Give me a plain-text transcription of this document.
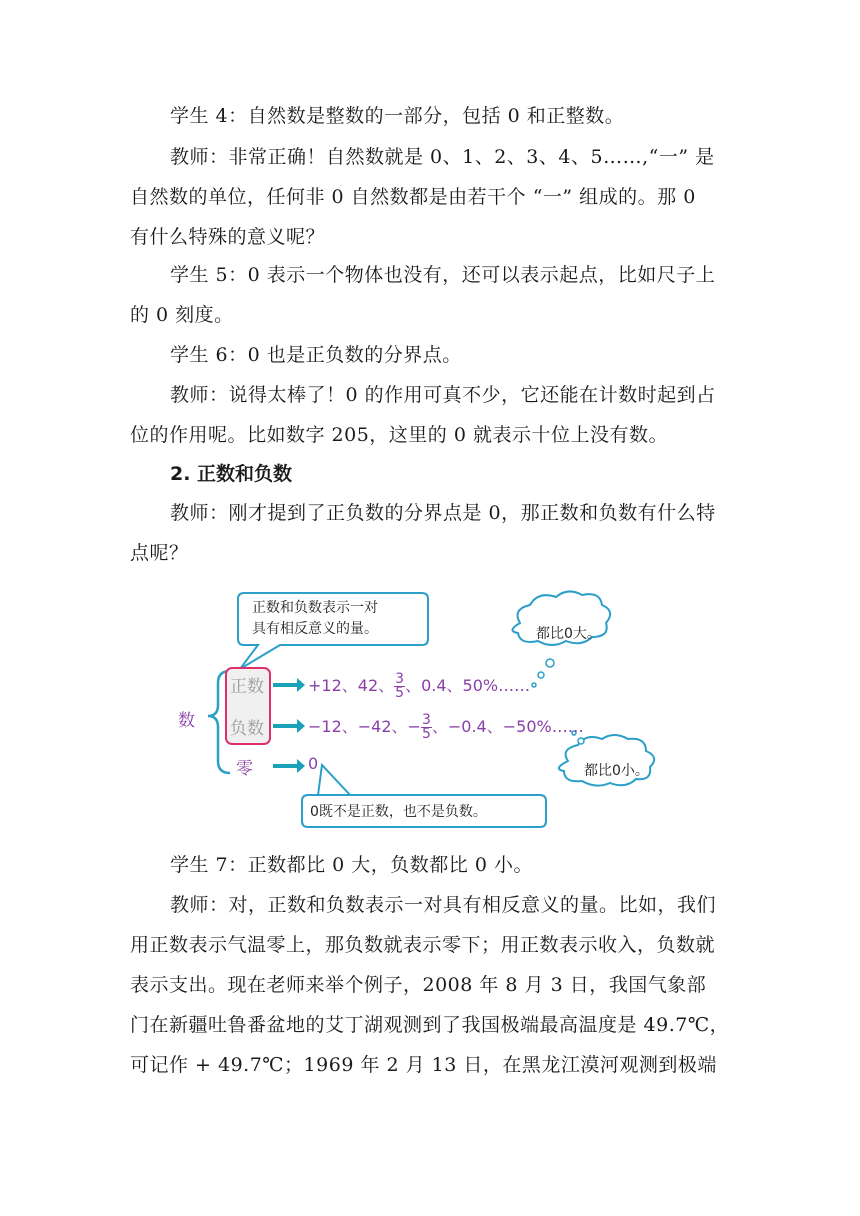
学生 4：自然数是整数的一部分，包括 0 和正整数。
教师：非常正确！自然数就是 0、1、2、3、4、5……,“一” 是
自然数的单位，任何非 0 自然数都是由若干个 “一” 组成的。那 0
有什么特殊的意义呢？
学生 5：0 表示一个物体也没有，还可以表示起点，比如尺子上
的 0 刻度。
学生 6：0 也是正负数的分界点。
教师：说得太棒了！0 的作用可真不少，它还能在计数时起到占
位的作用呢。比如数字 205，这里的 0 就表示十位上没有数。
2. 正数和负数
教师：刚才提到了正负数的分界点是 0，那正数和负数有什么特
点呢？
正数和负数表示一对
具有相反意义的量。	都比0大。
数
正数
负数
零
+12、42、 $\frac{3}{5}$ 、0.4、50%……
−12、−42、− $\frac{3}{5}$ 、−0.4、−50%……
0
0既不是正数，也不是负数。
都比0小。
学生 7：正数都比 0 大，负数都比 0 小。
教师：对，正数和负数表示一对具有相反意义的量。比如，我们
用正数表示气温零上，那负数就表示零下；用正数表示收入，负数就
表示支出。现在老师来举个例子，2008 年 8 月 3 日，我国气象部
门在新疆吐鲁番盆地的艾丁湖观测到了我国极端最高温度是 49.7℃，
可记作 + 49.7℃；1969 年 2 月 13 日，在黑龙江漠河观测到极端
